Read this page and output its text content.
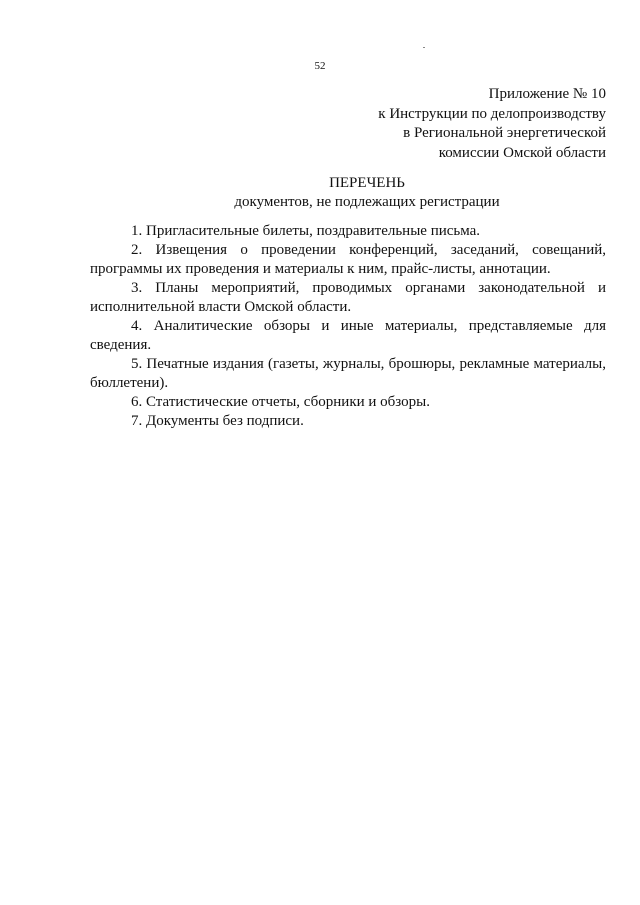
52
Приложение № 10
к Инструкции по делопроизводству
в Региональной энергетической
комиссии Омской области
ПЕРЕЧЕНЬ
документов, не подлежащих регистрации

1. Пригласительные билеты, поздравительные письма.

2. Извещения о проведении конференций, заседаний, совещаний, программы их проведения и материалы к ним, прайс-листы, аннотации.

3. Планы мероприятий, проводимых органами законодательной и исполнительной власти Омской области.

4. Аналитические обзоры и иные материалы, представляемые для сведения.

5. Печатные издания (газеты, журналы, брошюры, рекламные материалы, бюллетени).

6. Статистические отчеты, сборники и обзоры.

7. Документы без подписи.
